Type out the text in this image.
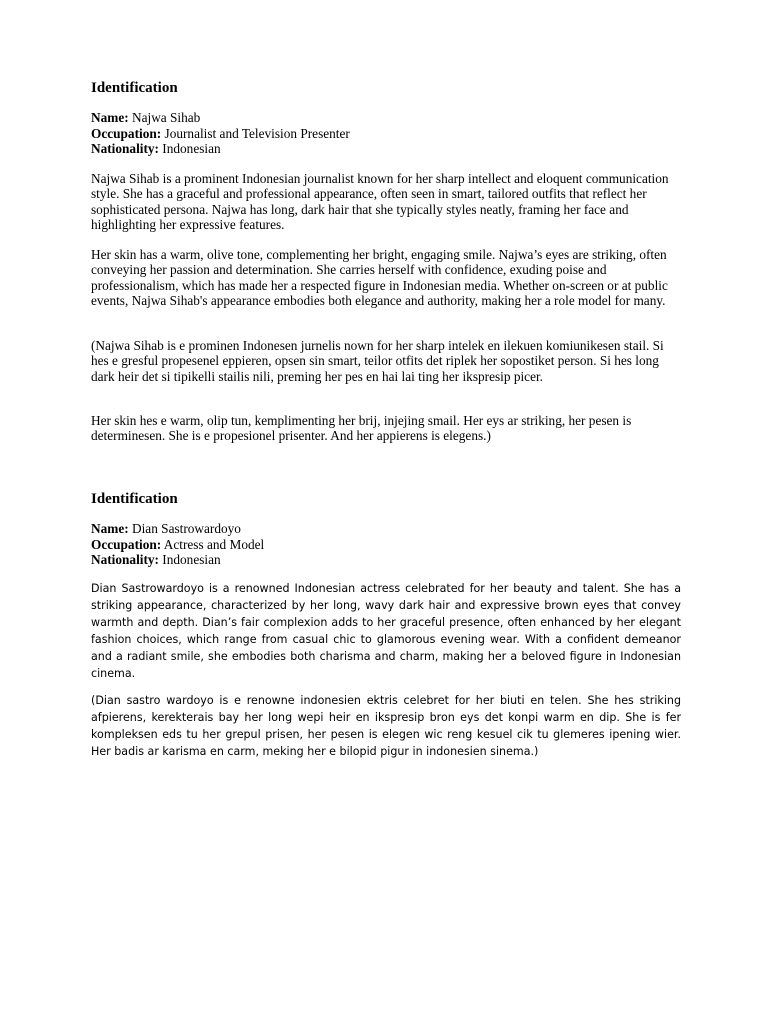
Identification
Name: Najwa Sihab
Occupation: Journalist and Television Presenter
Nationality: Indonesian

Najwa Sihab is a prominent Indonesian journalist known for her sharp intellect and eloquent communication style. She has a graceful and professional appearance, often seen in smart, tailored outfits that reflect her sophisticated persona. Najwa has long, dark hair that she typically styles neatly, framing her face and highlighting her expressive features.

Her skin has a warm, olive tone, complementing her bright, engaging smile. Najwa’s eyes are striking, often conveying her passion and determination. She carries herself with confidence, exuding poise and professionalism, which has made her a respected figure in Indonesian media. Whether on-screen or at public events, Najwa Sihab's appearance embodies both elegance and authority, making her a role model for many.

(Najwa Sihab is e prominen Indonesen jurnelis nown for her sharp intelek en ilekuen komiunikesen stail. Si hes e gresful propesenel eppieren, opsen sin smart, teilor otfits det riplek her sopostiket person. Si hes long dark heir det si tipikelli stailis nili, preming her pes en hai lai ting her ikspresip picer.

Her skin hes e warm, olip tun, kemplimenting her brij, injejing smail. Her eys ar striking, her pesen is determinesen. She is e propesionel prisenter. And her appierens is elegens.)

Identification
Name: Dian Sastrowardoyo
Occupation: Actress and Model
Nationality: Indonesian

Dian Sastrowardoyo is a renowned Indonesian actress celebrated for her beauty and talent. She has a striking appearance, characterized by her long, wavy dark hair and expressive brown eyes that convey warmth and depth. Dian’s fair complexion adds to her graceful presence, often enhanced by her elegant fashion choices, which range from casual chic to glamorous evening wear. With a confident demeanor and a radiant smile, she embodies both charisma and charm, making her a beloved figure in Indonesian cinema.

(Dian sastro wardoyo is e renowne indonesien ektris celebret for her biuti en telen. She hes striking afpierens, kerekterais bay her long wepi heir en ikspresip bron eys det konpi warm en dip. She is fer kompleksen eds tu her grepul prisen, her pesen is elegen wic reng kesuel cik tu glemeres ipening wier. Her badis ar karisma en carm, meking her e bilopid pigur in indonesien sinema.)
